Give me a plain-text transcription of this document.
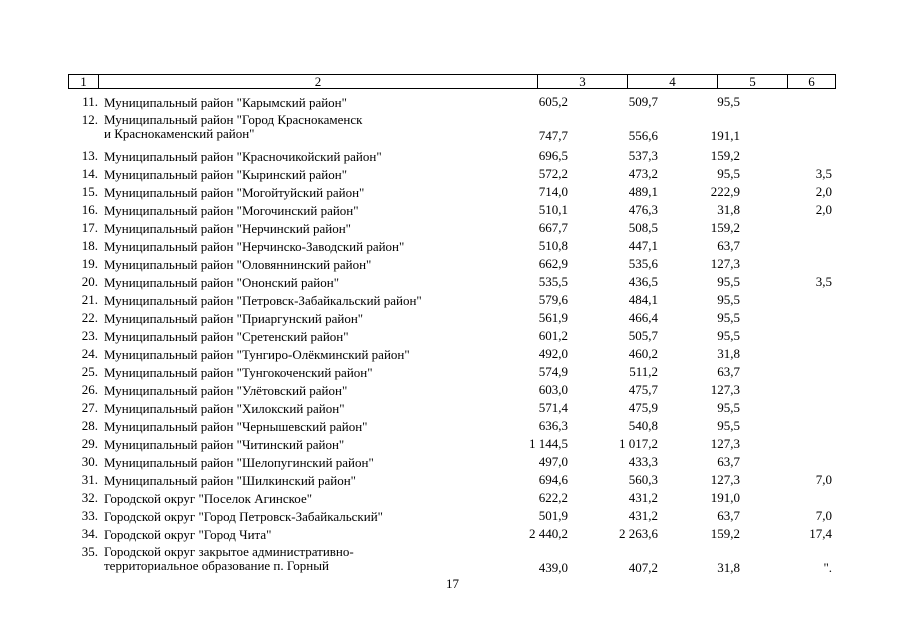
1	2	3	4	5	6
11. Муниципальный район "Карымский район"	605,2	509,7	95,5
12. Муниципальный район "Город Краснокаменск
и Краснокаменский район"	747,7	556,6	191,1
13. Муниципальный район "Красночикойский район"	696,5	537,3	159,2
14. Муниципальный район "Кыринский район"	572,2	473,2	95,5	3,5
15. Муниципальный район "Могойтуйский район"	714,0	489,1	222,9	2,0
16. Муниципальный район "Могочинский район"	510,1	476,3	31,8	2,0
17. Муниципальный район "Нерчинский район"	667,7	508,5	159,2
18. Муниципальный район "Нерчинско-Заводский район"	510,8	447,1	63,7
19. Муниципальный район "Оловяннинский район"	662,9	535,6	127,3
20. Муниципальный район "Ононский район"	535,5	436,5	95,5	3,5
21. Муниципальный район "Петровск-Забайкальский район"	579,6	484,1	95,5
22. Муниципальный район "Приаргунский район"	561,9	466,4	95,5
23. Муниципальный район "Сретенский район"	601,2	505,7	95,5
24. Муниципальный район "Тунгиро-Олёкминский район"	492,0	460,2	31,8
25. Муниципальный район "Тунгокоченский район"	574,9	511,2	63,7
26. Муниципальный район "Улётовский район"	603,0	475,7	127,3
27. Муниципальный район "Хилокский район"	571,4	475,9	95,5
28. Муниципальный район "Чернышевский район"	636,3	540,8	95,5
29. Муниципальный район "Читинский район"	1 144,5	1 017,2	127,3
30. Муниципальный район "Шелопугинский район"	497,0	433,3	63,7
31. Муниципальный район "Шилкинский район"	694,6	560,3	127,3	7,0
32. Городской округ "Поселок Агинское"	622,2	431,2	191,0
33. Городской округ "Город Петровск-Забайкальский"	501,9	431,2	63,7	7,0
34. Городской округ "Город Чита"	2 440,2	2 263,6	159,2	17,4
35. Городской округ закрытое административно-
территориальное образование п. Горный	439,0	407,2	31,8	".
17
